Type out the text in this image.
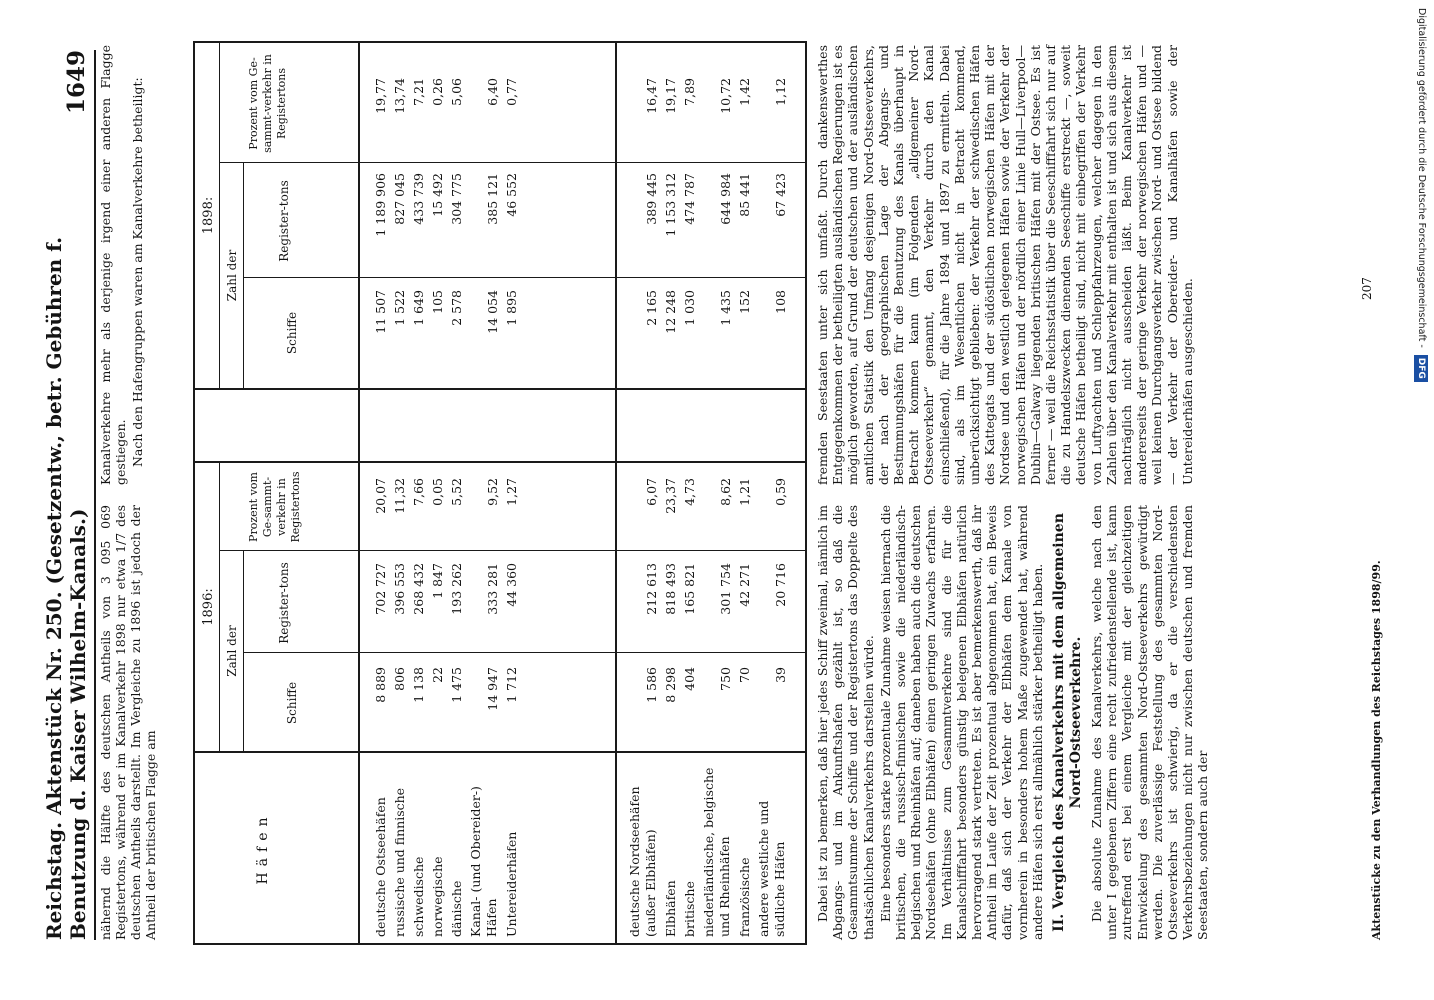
Reichstag. Aktenstück Nr. 250. (Gesetzentw., betr. Gebühren f. Benutzung d. Kaiser Wilhelm-Kanals.)
1649

nähernd die Hälfte des deutschen Antheils von 3 095 069 Registertons, während er im Kanalverkehr 1898 nur etwa 1/7 des deutschen Antheils darstellt. Im Vergleiche zu 1896 ist jedoch der Antheil der britischen Flagge am

Kanalverkehre mehr als derjenige irgend einer anderen Flagge gestiegen. Nach den Hafengruppen waren am Kanalverkehre betheiligt:

Häfen
1896:
1898:
Zahl der
Zahl der
Schiffe
Register-tons
Prozent vom Ge-sammt-verkehr in Registertons
Schiffe
Register-tons
Prozent vom Ge-sammt-verkehr in Registertons
deutsche Ostseehäfen
8 889
702 727
20,07
11 507
1 189 906
19,77
russische und finnische
806
396 553
11,32
1 522
827 045
13,74
schwedische
1 138
268 432
7,66
1 649
433 739
7,21
norwegische
22
1 847
0,05
105
15 492
0,26
dänische
1 475
193 262
5,52
2 578
304 775
5,06
Kanal- (und Obereider-) Häfen
14 947
333 281
9,52
14 054
385 121
6,40
Untereiderhäfen
1 712
44 360
1,27
1 895
46 552
0,77
deutsche Nordseehäfen (außer Elbhäfen)
1 586
212 613
6,07
2 165
389 445
16,47
Elbhäfen
8 298
818 493
23,37
12 248
1 153 312
19,17
britische
404
165 821
4,73
1 030
474 787
7,89
niederländische, belgische und Rheinhäfen
750
301 754
8,62
1 435
644 984
10,72
französische
70
42 271
1,21
152
85 441
1,42
andere westliche und südliche Häfen
39
20 716
0,59
108
67 423
1,12

Dabei ist zu bemerken, daß hier jedes Schiff zweimal, nämlich im Abgangs- und im Ankunftshafen gezählt ist, so daß die Gesammtsumme der Schiffe und der Registertons das Doppelte des thatsächlichen Kanalverkehrs darstellen würde. Eine besonders starke prozentuale Zunahme weisen hiernach die britischen, die russisch-finnischen sowie die niederländisch-belgischen und Rheinhäfen auf; daneben haben auch die deutschen Nordseehäfen (ohne Elbhäfen) einen geringen Zuwachs erfahren. Im Verhältnisse zum Gesammtverkehre sind die für die Kanalschifffahrt besonders günstig belegenen Elbhäfen natürlich hervorragend stark vertreten. Es ist aber bemerkenswerth, daß ihr Antheil im Laufe der Zeit prozentual abgenommen hat, ein Beweis dafür, daß sich der Verkehr der Elbhäfen dem Kanale von vornherein in besonders hohem Maße zugewendet hat, während andere Häfen sich erst allmählich stärker betheiligt haben. II. Vergleich des Kanalverkehrs mit dem allgemeinen Nord-Ostseeverkehre. Die absolute Zunahme des Kanalverkehrs, welche nach den unter I gegebenen Ziffern eine recht zufriedenstellende ist, kann zutreffend erst bei einem Vergleiche mit der gleichzeitigen Entwickelung des gesammten Nord-Ostseeverkehrs gewürdigt werden. Die zuverlässige Feststellung des gesammten Nord-Ostseeverkehrs ist schwierig, da er die verschiedensten Verkehrsbeziehungen nicht nur zwischen deutschen und fremden Seestaaten, sondern auch der

fremden Seestaaten unter sich umfaßt. Durch dankenswerthes Entgegenkommen der betheiligten ausländischen Regierungen ist es möglich geworden, auf Grund der deutschen und der ausländischen amtlichen Statistik den Umfang desjenigen Nord-Ostseeverkehrs, der nach der geographischen Lage der Abgangs- und Bestimmungshäfen für die Benutzung des Kanals überhaupt in Betracht kommen kann (im Folgenden „allgemeiner Nord-Ostseeverkehr“ genannt, den Verkehr durch den Kanal einschließend), für die Jahre 1894 und 1897 zu ermitteln. Dabei sind, als im Wesentlichen nicht in Betracht kommend, unberücksichtigt geblieben: der Verkehr der schwedischen Häfen des Kattegats und der südöstlichen norwegischen Häfen mit der Nordsee und den westlich gelegenen Häfen sowie der Verkehr der norwegischen Häfen und der nördlich einer Linie Hull—Liverpool—Dublin—Galway liegenden britischen Häfen mit der Ostsee. Es ist ferner — weil die Reichsstatistik über die Seeschifffahrt sich nur auf die zu Handelszwecken dienenden Seeschiffe erstreckt —, soweit deutsche Häfen betheiligt sind, nicht mit einbegriffen der Verkehr von Luftyachten und Schleppfahrzeugen, welcher dagegen in den Zahlen über den Kanalverkehr mit enthalten ist und sich aus diesem nachträglich nicht ausscheiden läßt. Beim Kanalverkehr ist andererseits der geringe Verkehr der norwegischen Häfen und — weil keinen Durchgangsverkehr zwischen Nord- und Ostsee bildend — der Verkehr der Obereider- und Kanalhäfen sowie der Untereiderhäfen ausgeschieden.

Aktenstücke zu den Verhandlungen des Reichstages 1898/99.
207	Digitalisierung gefördert durch die Deutsche Forschungsgemeinschaft - DFG
